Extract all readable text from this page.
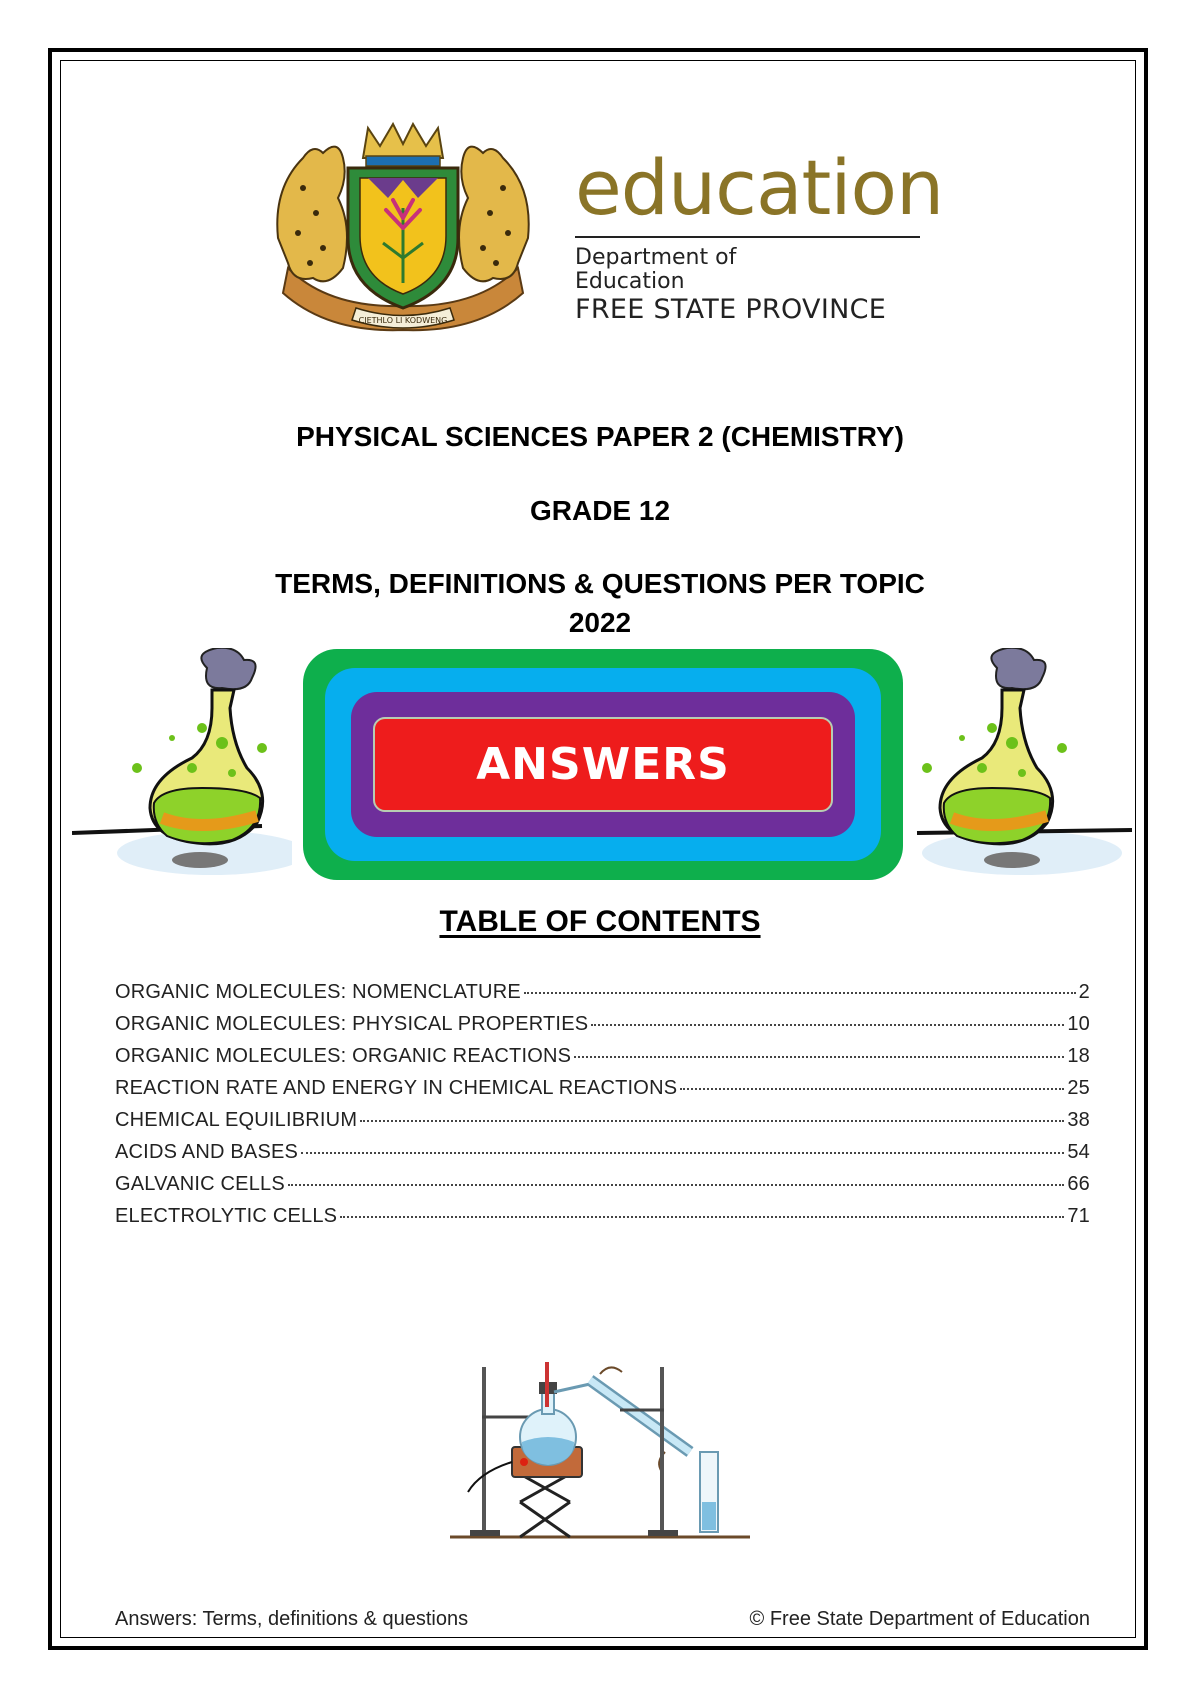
CIETHLO LI KODWENG
education
Department of
Education
FREE STATE PROVINCE
PHYSICAL SCIENCES PAPER 2 (CHEMISTRY)
GRADE 12
TERMS, DEFINITIONS & QUESTIONS PER TOPIC
2022
ANSWERS
TABLE OF CONTENTS
ORGANIC MOLECULES: NOMENCLATURE	2
ORGANIC MOLECULES: PHYSICAL PROPERTIES	10
ORGANIC MOLECULES: ORGANIC REACTIONS	18
REACTION RATE AND ENERGY IN CHEMICAL REACTIONS	25
CHEMICAL EQUILIBRIUM	38
ACIDS AND BASES	54
GALVANIC CELLS	66
ELECTROLYTIC CELLS	71

Answers: Terms, definitions & questions	© Free State Department of Education
